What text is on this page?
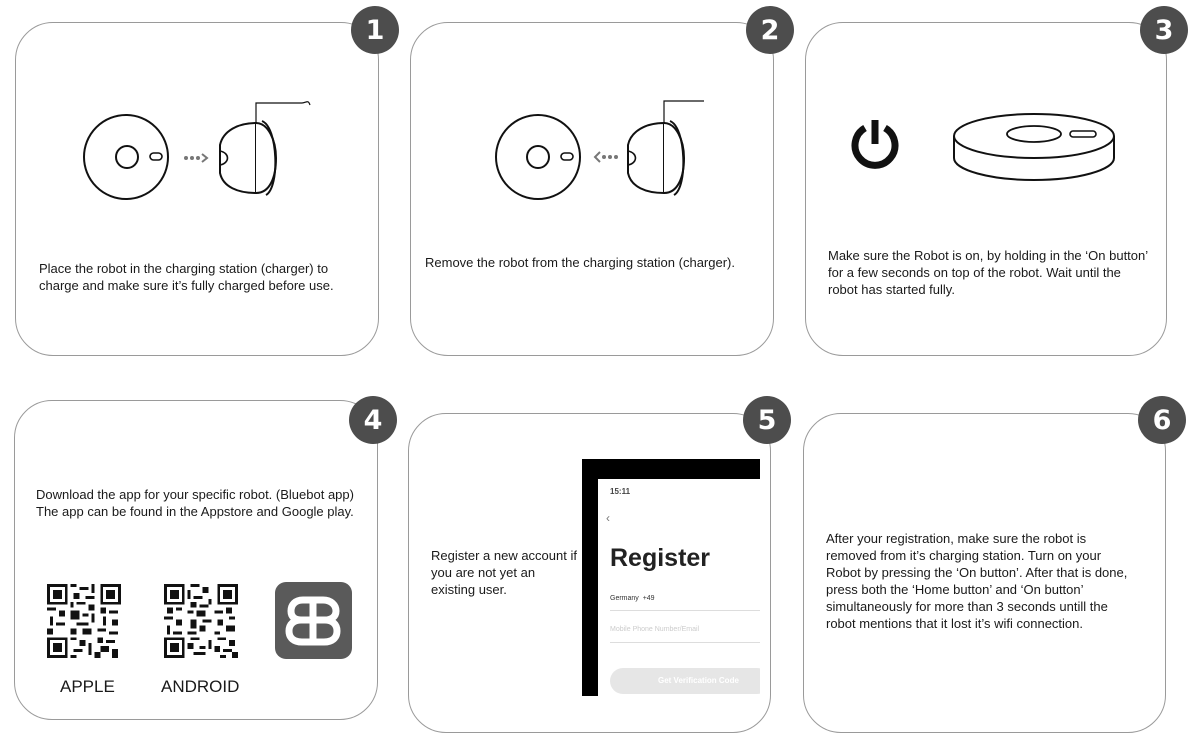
1

Place the robot in the charging station (charger) to charge and make sure it’s fully charged before use.

2

Remove the robot from the charging station (charger).

3

Make sure the Robot is on, by holding in the ‘On button’ for a few seconds on top of the robot. Wait until the robot has started fully.

4

Download the app for your specific robot. (Bluebot app) The app can be found in the Appstore and Google play.

APPLE	ANDROID
5

Register a new account if you are not yet an existing user.

15:11
‹
Register
Germany +49
Mobile Phone Number/Email
Get Verification Code
6

After your registration, make sure the robot is removed from it’s charging station. Turn on your Robot by pressing the ‘On button’. After that is done, press both the ‘Home button’ and ‘On button’ simultaneously for more than 3 seconds untill the robot mentions that it lost it’s wifi connection.
